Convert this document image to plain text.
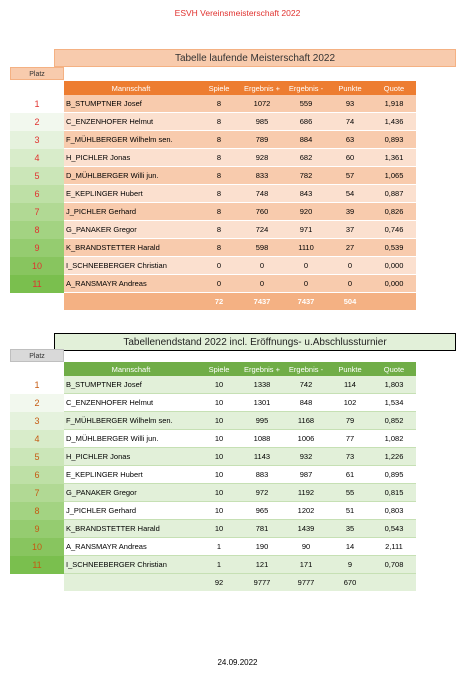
ESVH Vereinsmeisterschaft 2022
Tabelle laufende Meisterschaft 2022
Platz
	Mannschaft	Spiele	Ergebnis +	Ergebnis -	Punkte	Quote
1	B_STUMPTNER Josef	8	1072	559	93	1,918
2	C_ENZENHOFER Helmut	8	985	686	74	1,436
3	F_MÜHLBERGER Wilhelm sen.	8	789	884	63	0,893
4	H_PICHLER Jonas	8	928	682	60	1,361
5	D_MÜHLBERGER Willi jun.	8	833	782	57	1,065
6	E_KEPLINGER Hubert	8	748	843	54	0,887
7	J_PICHLER Gerhard	8	760	920	39	0,826
8	G_PANAKER Gregor	8	724	971	37	0,746
9	K_BRANDSTETTER Harald	8	598	1110	27	0,539
10	I_SCHNEEBERGER Christian	0	0	0	0	0,000
11	A_RANSMAYR Andreas	0	0	0	0	0,000
		72	7437	7437	504	
Tabellenendstand 2022 incl. Eröffnungs- u.Abschlussturnier
Platz
	Mannschaft	Spiele	Ergebnis +	Ergebnis -	Punkte	Quote
1	B_STUMPTNER Josef	10	1338	742	114	1,803
2	C_ENZENHOFER Helmut	10	1301	848	102	1,534
3	F_MÜHLBERGER Wilhelm sen.	10	995	1168	79	0,852
4	D_MÜHLBERGER Willi jun.	10	1088	1006	77	1,082
5	H_PICHLER Jonas	10	1143	932	73	1,226
6	E_KEPLINGER Hubert	10	883	987	61	0,895
7	G_PANAKER Gregor	10	972	1192	55	0,815
8	J_PICHLER Gerhard	10	965	1202	51	0,803
9	K_BRANDSTETTER Harald	10	781	1439	35	0,543
10	A_RANSMAYR Andreas	1	190	90	14	2,111
11	I_SCHNEEBERGER Christian	1	121	171	9	0,708
		92	9777	9777	670	
24.09.2022
